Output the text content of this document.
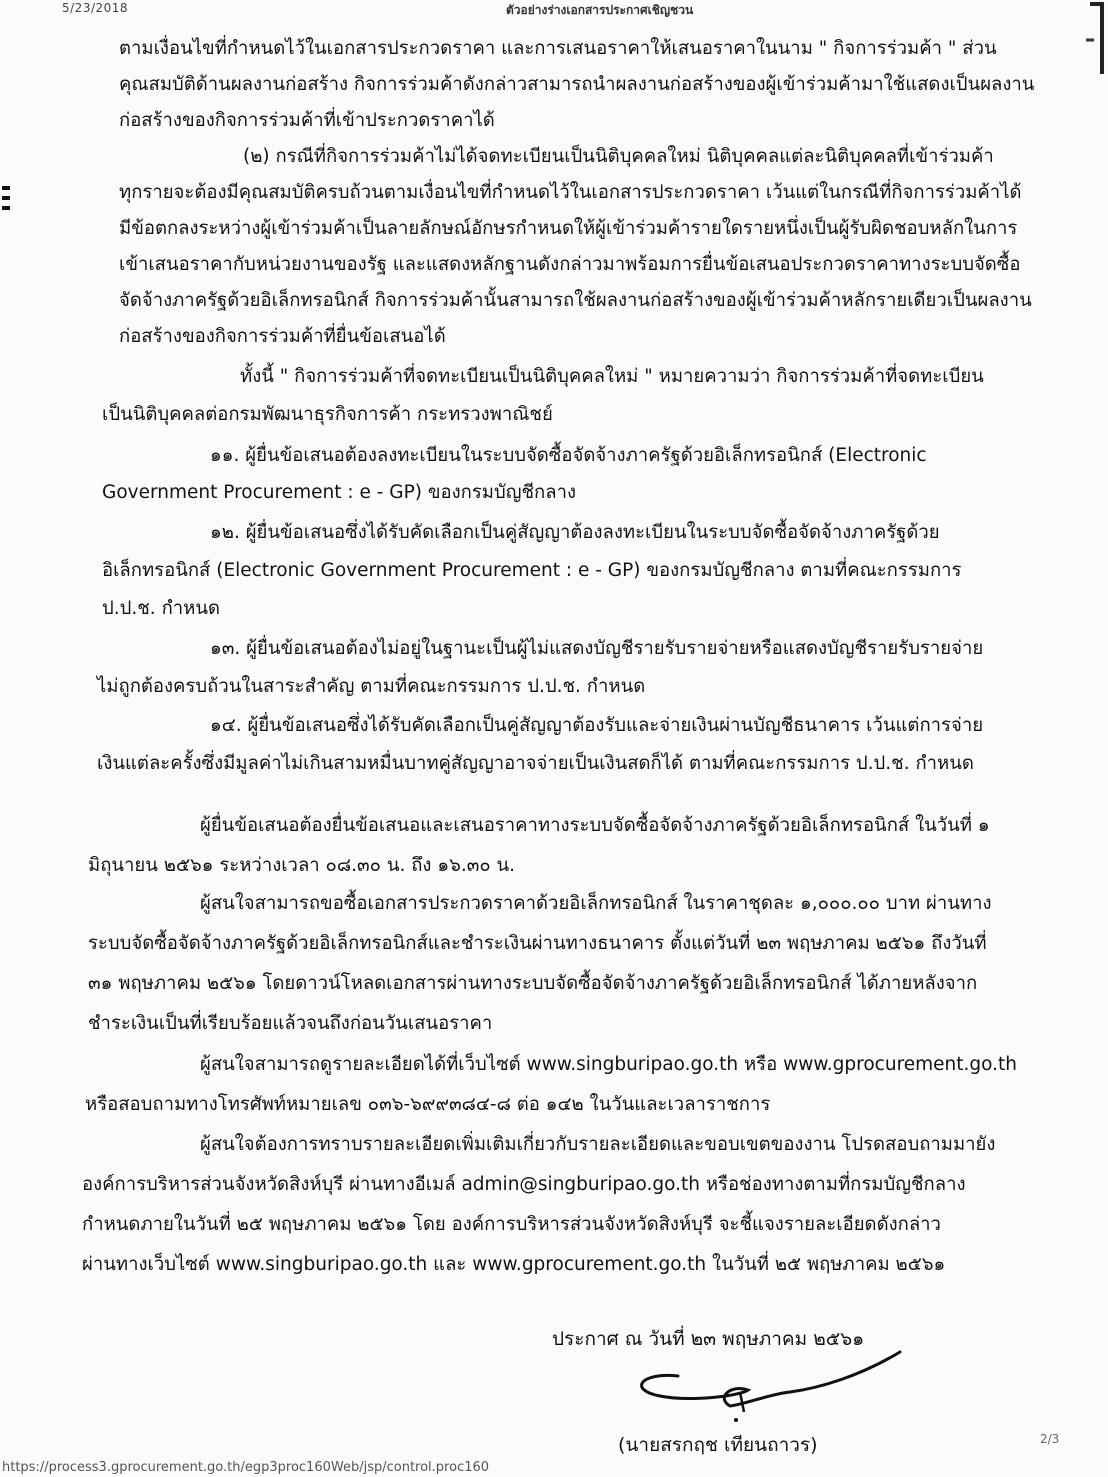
5/23/2018	ตัวอย่างร่างเอกสารประกาศเชิญชวน
ตามเงื่อนไขที่กำหนดไว้ในเอกสารประกวดราคา และการเสนอราคาให้เสนอราคาในนาม " กิจการร่วมค้า " ส่วน
คุณสมบัติด้านผลงานก่อสร้าง กิจการร่วมค้าดังกล่าวสามารถนำผลงานก่อสร้างของผู้เข้าร่วมค้ามาใช้แสดงเป็นผลงาน
ก่อสร้างของกิจการร่วมค้าที่เข้าประกวดราคาได้
(๒) กรณีที่กิจการร่วมค้าไม่ได้จดทะเบียนเป็นนิติบุคคลใหม่ นิติบุคคลแต่ละนิติบุคคลที่เข้าร่วมค้า
ทุกรายจะต้องมีคุณสมบัติครบถ้วนตามเงื่อนไขที่กำหนดไว้ในเอกสารประกวดราคา เว้นแต่ในกรณีที่กิจการร่วมค้าได้
มีข้อตกลงระหว่างผู้เข้าร่วมค้าเป็นลายลักษณ์อักษรกำหนดให้ผู้เข้าร่วมค้ารายใดรายหนึ่งเป็นผู้รับผิดชอบหลักในการ
เข้าเสนอราคากับหน่วยงานของรัฐ และแสดงหลักฐานดังกล่าวมาพร้อมการยื่นข้อเสนอประกวดราคาทางระบบจัดซื้อ
จัดจ้างภาครัฐด้วยอิเล็กทรอนิกส์ กิจการร่วมค้านั้นสามารถใช้ผลงานก่อสร้างของผู้เข้าร่วมค้าหลักรายเดียวเป็นผลงาน
ก่อสร้างของกิจการร่วมค้าที่ยื่นข้อเสนอได้
ทั้งนี้ " กิจการร่วมค้าที่จดทะเบียนเป็นนิติบุคคลใหม่ " หมายความว่า กิจการร่วมค้าที่จดทะเบียน
เป็นนิติบุคคลต่อกรมพัฒนาธุรกิจการค้า กระทรวงพาณิชย์
๑๑. ผู้ยื่นข้อเสนอต้องลงทะเบียนในระบบจัดซื้อจัดจ้างภาครัฐด้วยอิเล็กทรอนิกส์ (Electronic
Government Procurement : e - GP) ของกรมบัญชีกลาง
๑๒. ผู้ยื่นข้อเสนอซึ่งได้รับคัดเลือกเป็นคู่สัญญาต้องลงทะเบียนในระบบจัดซื้อจัดจ้างภาครัฐด้วย
อิเล็กทรอนิกส์ (Electronic Government Procurement : e - GP) ของกรมบัญชีกลาง ตามที่คณะกรรมการ
ป.ป.ช. กำหนด
๑๓. ผู้ยื่นข้อเสนอต้องไม่อยู่ในฐานะเป็นผู้ไม่แสดงบัญชีรายรับรายจ่ายหรือแสดงบัญชีรายรับรายจ่าย
ไม่ถูกต้องครบถ้วนในสาระสำคัญ ตามที่คณะกรรมการ ป.ป.ช. กำหนด
๑๔. ผู้ยื่นข้อเสนอซึ่งได้รับคัดเลือกเป็นคู่สัญญาต้องรับและจ่ายเงินผ่านบัญชีธนาคาร เว้นแต่การจ่าย
เงินแต่ละครั้งซึ่งมีมูลค่าไม่เกินสามหมื่นบาทคู่สัญญาอาจจ่ายเป็นเงินสดก็ได้ ตามที่คณะกรรมการ ป.ป.ช. กำหนด
ผู้ยื่นข้อเสนอต้องยื่นข้อเสนอและเสนอราคาทางระบบจัดซื้อจัดจ้างภาครัฐด้วยอิเล็กทรอนิกส์ ในวันที่ ๑
มิถุนายน ๒๕๖๑ ระหว่างเวลา ๐๘.๓๐ น. ถึง ๑๖.๓๐ น.
ผู้สนใจสามารถขอซื้อเอกสารประกวดราคาด้วยอิเล็กทรอนิกส์ ในราคาชุดละ ๑,๐๐๐.๐๐ บาท ผ่านทาง
ระบบจัดซื้อจัดจ้างภาครัฐด้วยอิเล็กทรอนิกส์และชำระเงินผ่านทางธนาคาร ตั้งแต่วันที่ ๒๓ พฤษภาคม ๒๕๖๑ ถึงวันที่
๓๑ พฤษภาคม ๒๕๖๑ โดยดาวน์โหลดเอกสารผ่านทางระบบจัดซื้อจัดจ้างภาครัฐด้วยอิเล็กทรอนิกส์ ได้ภายหลังจาก
ชำระเงินเป็นที่เรียบร้อยแล้วจนถึงก่อนวันเสนอราคา
ผู้สนใจสามารถดูรายละเอียดได้ที่เว็บไซต์ www.singburipao.go.th หรือ www.gprocurement.go.th
หรือสอบถามทางโทรศัพท์หมายเลข ๐๓๖-๖๙๙๓๘๔-๘ ต่อ ๑๔๒ ในวันและเวลาราชการ
ผู้สนใจต้องการทราบรายละเอียดเพิ่มเติมเกี่ยวกับรายละเอียดและขอบเขตของงาน โปรดสอบถามมายัง
องค์การบริหารส่วนจังหวัดสิงห์บุรี ผ่านทางอีเมล์ admin@singburipao.go.th หรือช่องทางตามที่กรมบัญชีกลาง
กำหนดภายในวันที่ ๒๕ พฤษภาคม ๒๕๖๑ โดย องค์การบริหารส่วนจังหวัดสิงห์บุรี จะชี้แจงรายละเอียดดังกล่าว
ผ่านทางเว็บไซต์ www.singburipao.go.th และ www.gprocurement.go.th ในวันที่ ๒๕ พฤษภาคม ๒๕๖๑
ประกาศ ณ วันที่ ๒๓ พฤษภาคม ๒๕๖๑
(นายสรกฤช เทียนถาวร)	2/3
https://process3.gprocurement.go.th/egp3proc160Web/jsp/control.proc160
